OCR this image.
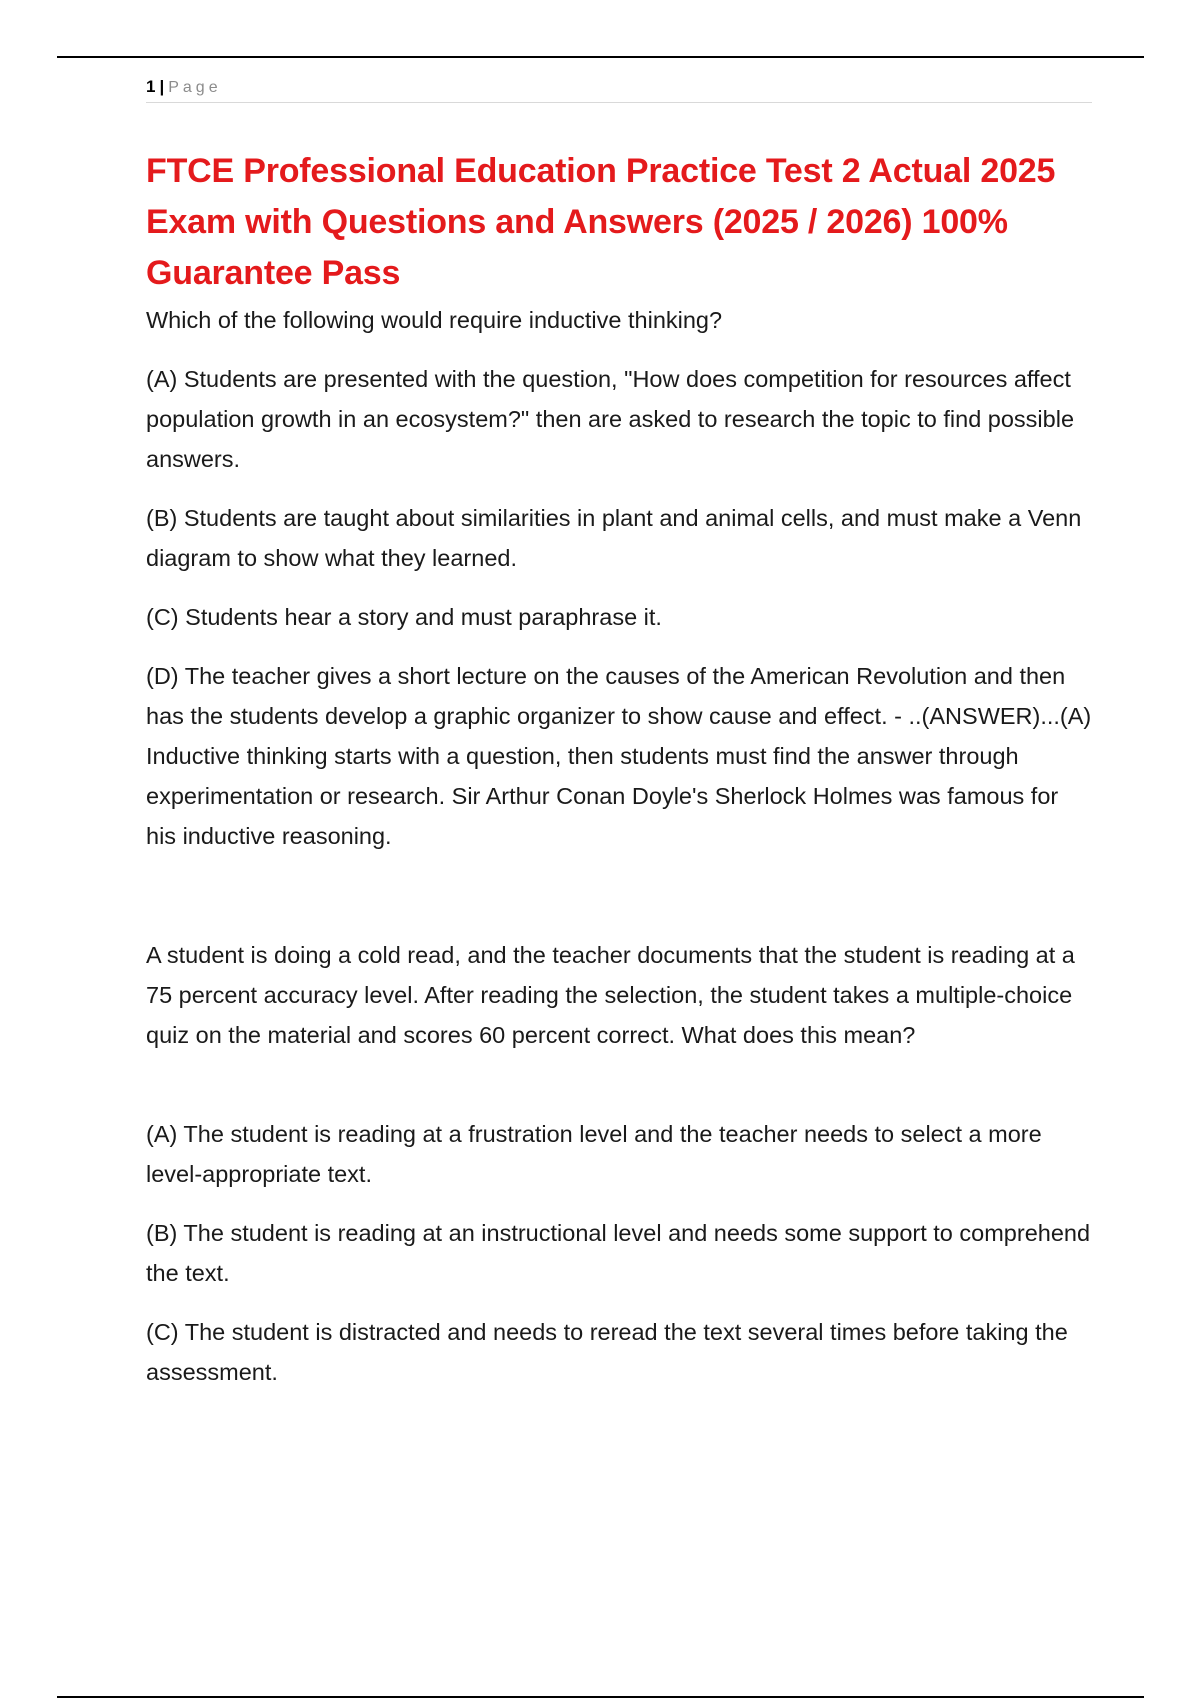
1 | Page
FTCE Professional Education Practice Test 2 Actual 2025 Exam with Questions and Answers (2025 / 2026) 100% Guarantee Pass

Which of the following would require inductive thinking?

(A) Students are presented with the question, "How does competition for resources affect population growth in an ecosystem?" then are asked to research the topic to find possible answers.

(B) Students are taught about similarities in plant and animal cells, and must make a Venn diagram to show what they learned.

(C) Students hear a story and must paraphrase it.

(D) The teacher gives a short lecture on the causes of the American Revolution and then has the students develop a graphic organizer to show cause and effect. - ..(ANSWER)...(A) Inductive thinking starts with a question, then students must find the answer through experimentation or research. Sir Arthur Conan Doyle's Sherlock Holmes was famous for his inductive reasoning.

A student is doing a cold read, and the teacher documents that the student is reading at a 75 percent accuracy level. After reading the selection, the student takes a multiple-choice quiz on the material and scores 60 percent correct. What does this mean?

(A) The student is reading at a frustration level and the teacher needs to select a more level-appropriate text.

(B) The student is reading at an instructional level and needs some support to comprehend the text.

(C) The student is distracted and needs to reread the text several times before taking the assessment.
